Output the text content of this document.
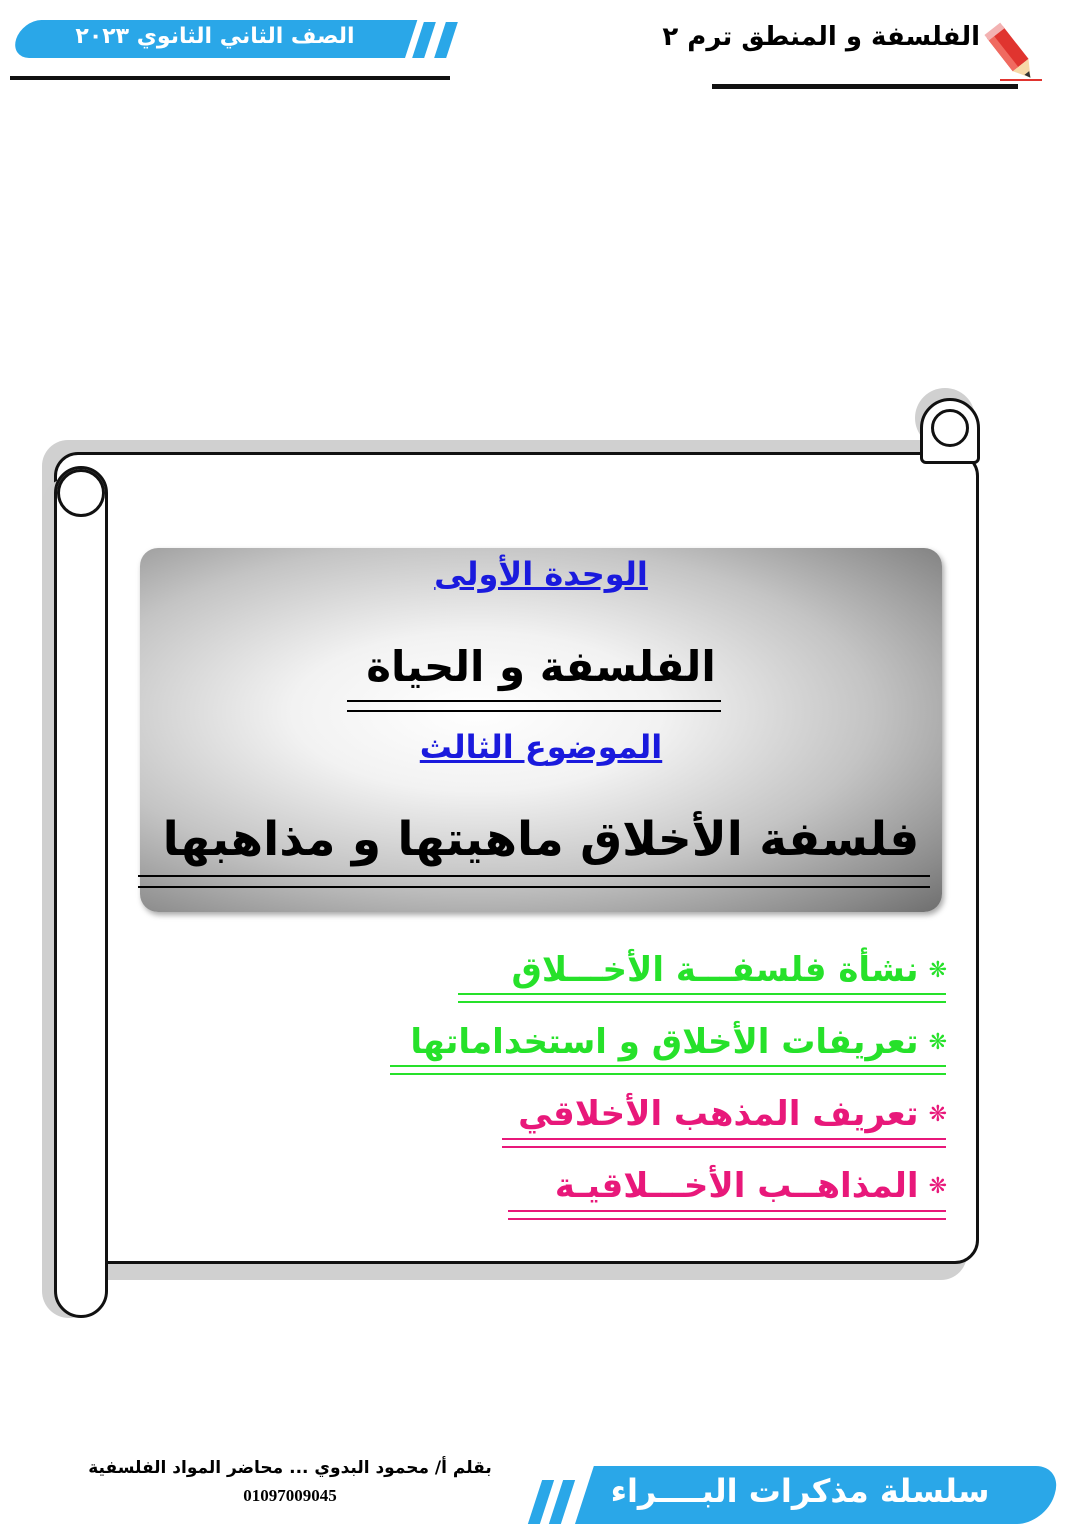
الصف الثاني الثانوي ٢٠٢٣	الفلسفة و المنطق ترم ٢
الوحدة الأولى
الفلسفة و الحياة
الموضوع الثالث
فلسفة الأخلاق ماهيتها و مذاهبها
❋
نشأة فلسفـــة الأخـــلاق
❋
تعريفات الأخلاق و استخداماتها
❋
تعريف المذهب الأخلاقي
❋
المذاهــب الأخـــلاقيـة
بقلم أ/ محمود البدوي ... محاضر المواد الفلسفية
01097009045	سلسلة مذكرات البــــراء
